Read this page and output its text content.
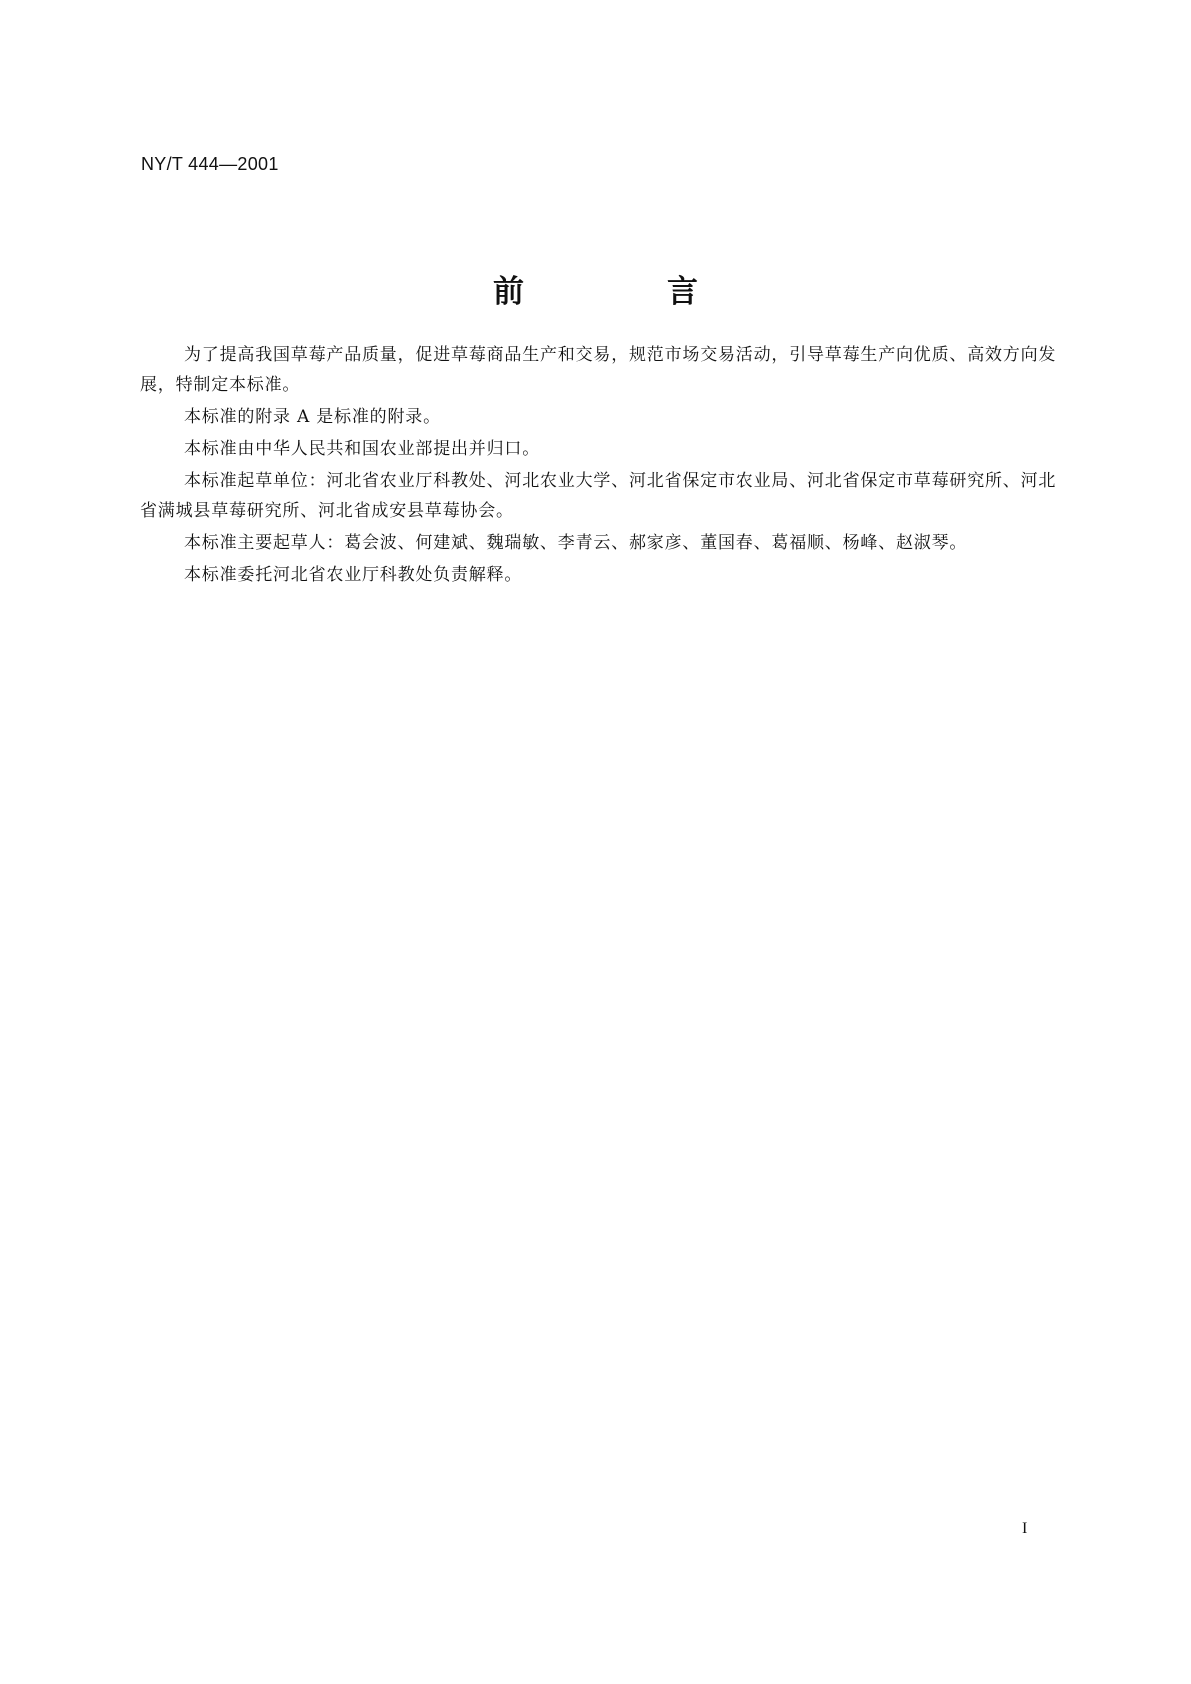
NY/T 444—2001
前　言

为了提高我国草莓产品质量，促进草莓商品生产和交易，规范市场交易活动，引导草莓生产向优质、高效方向发展，特制定本标准。

本标准的附录 A 是标准的附录。

本标准由中华人民共和国农业部提出并归口。

本标准起草单位：河北省农业厅科教处、河北农业大学、河北省保定市农业局、河北省保定市草莓研究所、河北省满城县草莓研究所、河北省成安县草莓协会。

本标准主要起草人：葛会波、何建斌、魏瑞敏、李青云、郝家彦、董国春、葛福顺、杨峰、赵淑琴。

本标准委托河北省农业厅科教处负责解释。

I
